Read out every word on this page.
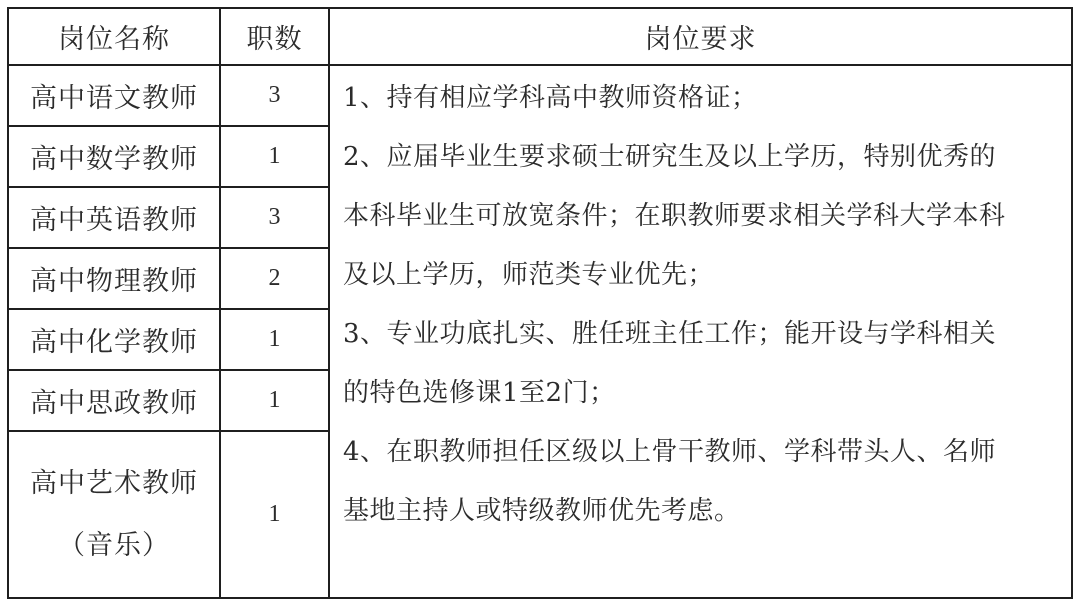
岗位名称	职数	岗位要求
高中语文教师
高中数学教师
高中英语教师
高中物理教师
高中化学教师
高中思政教师
高中艺术教师
（音乐）
3
1
3
2
1
1
1
1、持有相应学科高中教师资格证；
2、应届毕业生要求硕士研究生及以上学历，特别优秀的
本科毕业生可放宽条件；在职教师要求相关学科大学本科
及以上学历，师范类专业优先；
3、专业功底扎实、胜任班主任工作；能开设与学科相关
的特色选修课1至2门；
4、在职教师担任区级以上骨干教师、学科带头人、名师
基地主持人或特级教师优先考虑。
